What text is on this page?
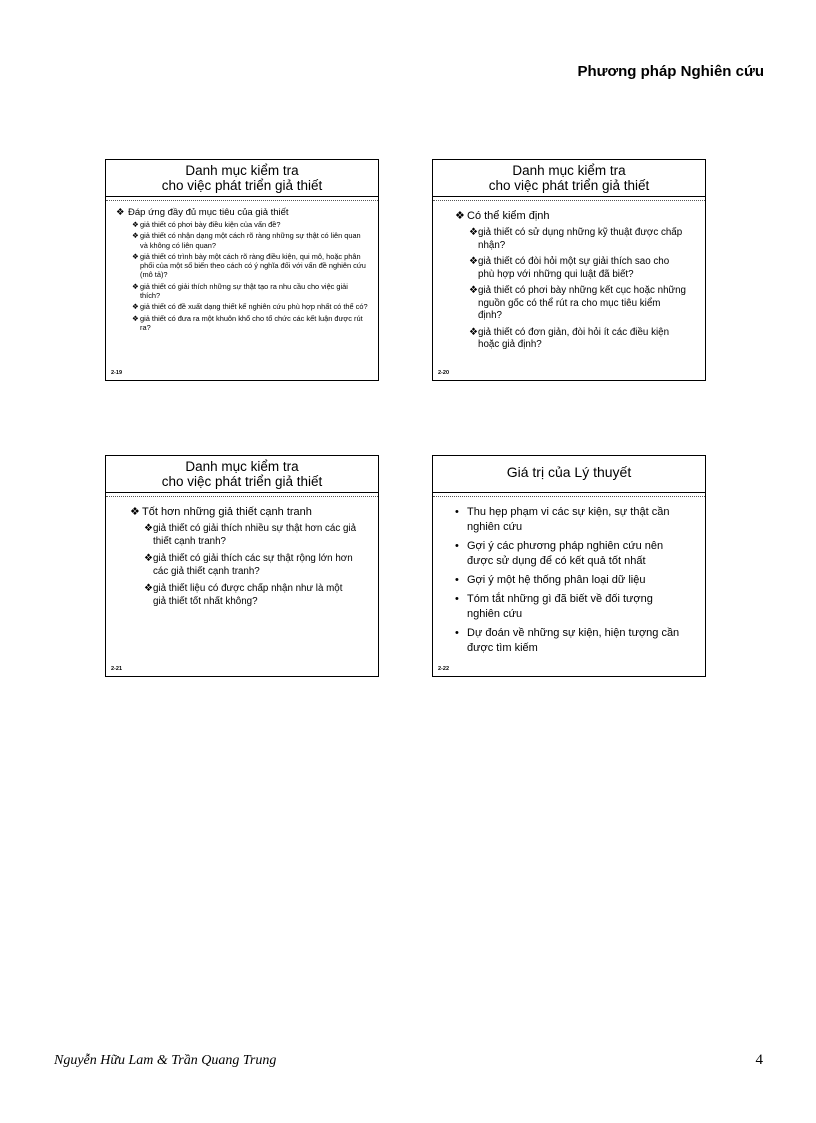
Phương pháp Nghiên cứu
Danh mục kiểm tra
cho việc phát triển giả thiết
❖ Đáp ứng đầy đủ mục tiêu của giả thiết
❖ giả thiết có phơi bày điều kiện của vấn đề?
❖ giả thiết có nhận dạng một cách rõ ràng những sự thật có liên quan và không có liên quan?
❖ giả thiết có trình bày một cách rõ ràng điều kiện, qui mô, hoặc phân phối của một số biến theo cách có ý nghĩa đối với vấn đề nghiên cứu (mô tả)?
❖ giả thiết có giải thích những sự thật tạo ra nhu cầu cho việc giải thích?
❖ giả thiết có đề xuất dạng thiết kế nghiên cứu phù hợp nhất có thể có?
❖ giả thiết có đưa ra một khuôn khổ cho tổ chức các kết luận được rút ra?
2-19
Danh mục kiểm tra
cho việc phát triển giả thiết
❖ Có thể kiểm định
❖ giả thiết có sử dụng những kỹ thuật được chấp nhận?
❖ giả thiết có đòi hỏi một sự giải thích sao cho phù hợp với những qui luật đã biết?
❖ giả thiết có phơi bày những kết cục hoặc những nguồn gốc có thể rút ra cho mục tiêu kiểm định?
❖ giả thiết có đơn giản, đòi hỏi ít các điều kiện hoặc giả định?
2-20
Danh mục kiểm tra
cho việc phát triển giả thiết
❖ Tốt hơn những giả thiết cạnh tranh
❖ giả thiết có giải thích nhiều sự thật hơn các giả thiết cạnh tranh?
❖ giả thiết có giải thích các sự thật rộng lớn hơn các giả thiết cạnh tranh?
❖ giả thiết liệu có được chấp nhận như là một giả thiết tốt nhất không?
2-21
Giá trị của Lý thuyết
• Thu hẹp phạm vi các sự kiện, sự thật cần nghiên cứu
• Gợi ý các phương pháp nghiên cứu nên được sử dụng để có kết quả tốt nhất
• Gợi ý một hệ thống phân loại dữ liệu
• Tóm tắt những gì đã biết về đối tượng nghiên cứu
• Dự đoán về những sự kiện, hiện tượng cần được tìm kiếm
2-22
Nguyễn Hữu Lam & Trần Quang Trung	4
